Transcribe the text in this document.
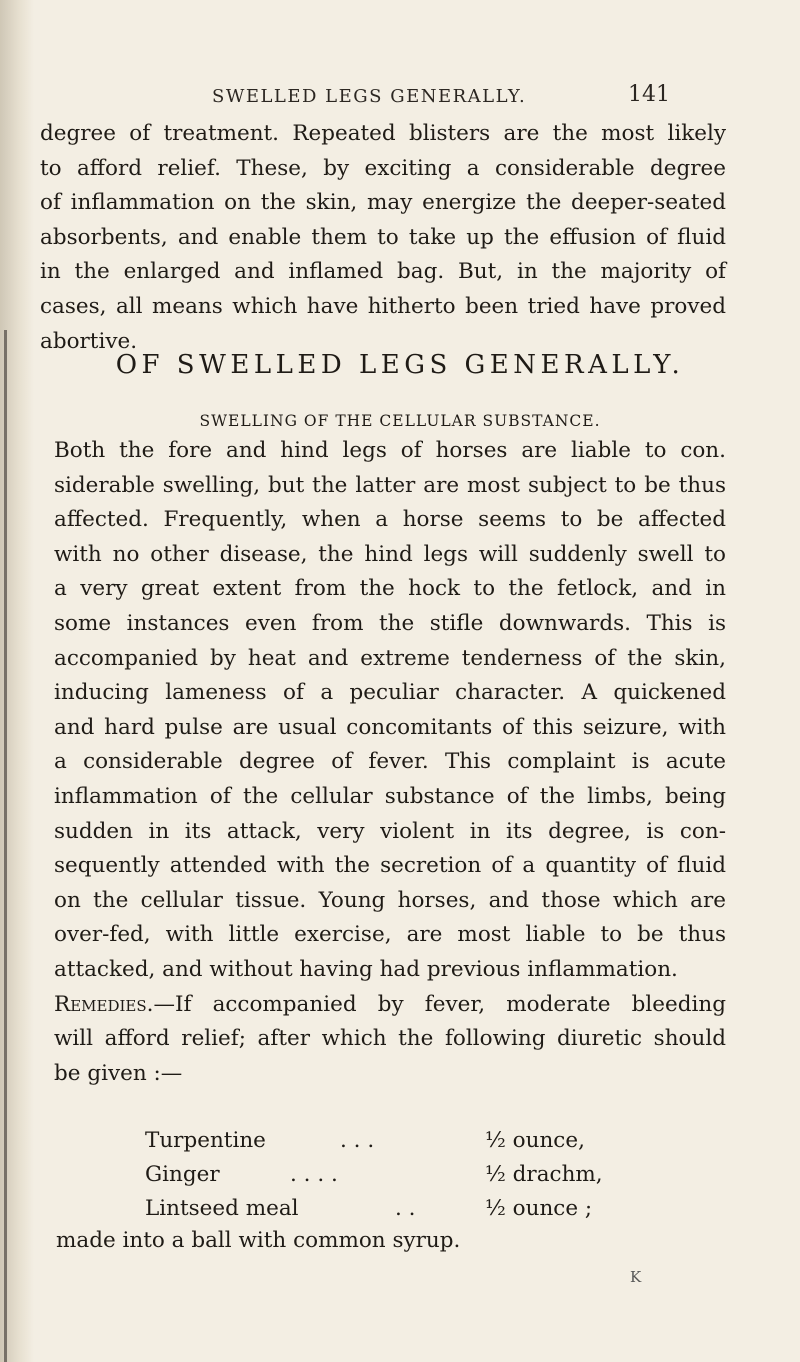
SWELLED LEGS GENERALLY.	141
degree of treatment. Repeated blisters are the most likely
to afford relief. These, by exciting a considerable degree
of inflammation on the skin, may energize the deeper-seated
absorbents, and enable them to take up the effusion of fluid
in the enlarged and inflamed bag. But, in the majority of
cases, all means which have hitherto been tried have proved
abortive.
OF SWELLED LEGS GENERALLY.
SWELLING OF THE CELLULAR SUBSTANCE.
Both the fore and hind legs of horses are liable to con.
siderable swelling, but the latter are most subject to be thus
affected. Frequently, when a horse seems to be affected
with no other disease, the hind legs will suddenly swell to
a very great extent from the hock to the fetlock, and in
some instances even from the stifle downwards. This is
accompanied by heat and extreme tenderness of the skin,
inducing lameness of a peculiar character. A quickened
and hard pulse are usual concomitants of this seizure, with
a considerable degree of fever. This complaint is acute
inflammation of the cellular substance of the limbs, being
sudden in its attack, very violent in its degree, is con-
sequently attended with the secretion of a quantity of fluid
on the cellular tissue. Young horses, and those which are
over-fed, with little exercise, are most liable to be thus
attacked, and without having had previous inflammation.
Remedies.—If accompanied by fever, moderate bleeding
will afford relief; after which the following diuretic should
be given :—
Turpentine	. . .	½ ounce,
Ginger	. . . .	½ drachm,
Lintseed meal	. .	½ ounce ;
made into a ball with common syrup.
K
